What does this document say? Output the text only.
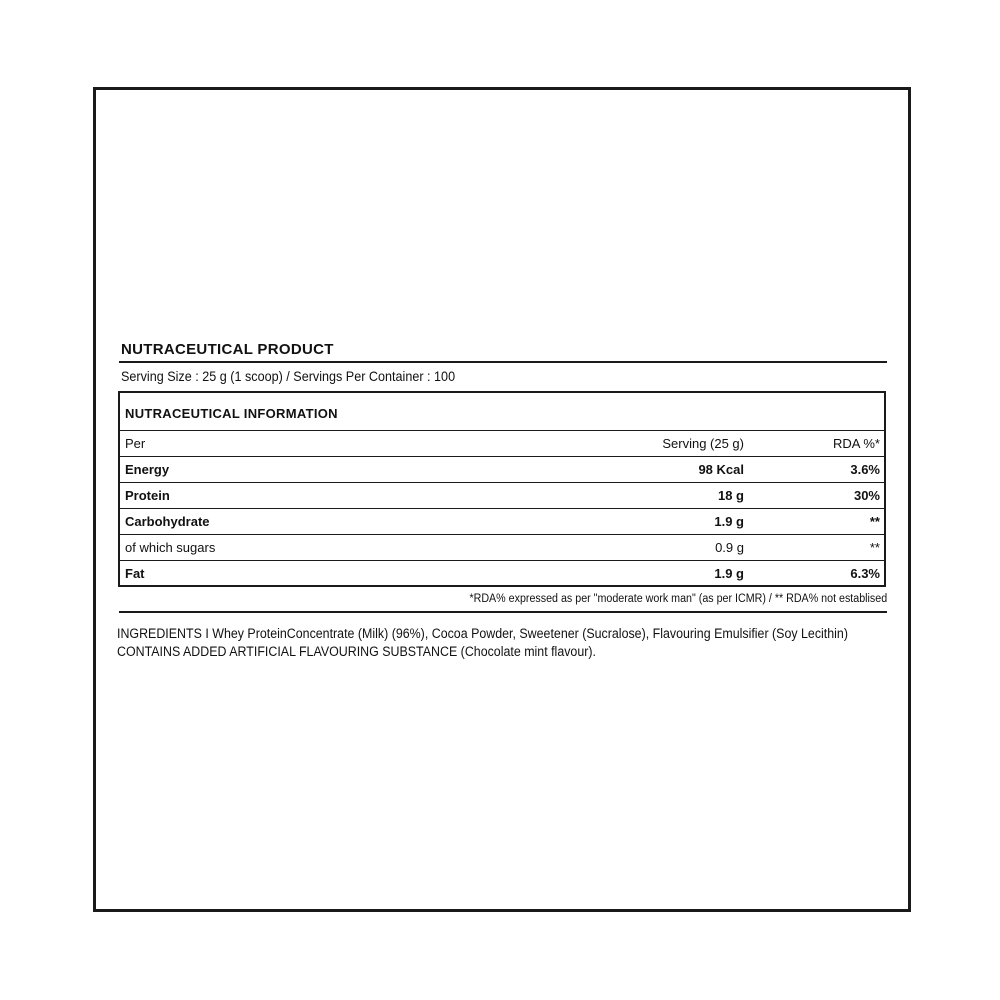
NUTRACEUTICAL PRODUCT
Serving Size : 25 g (1 scoop) / Servings Per Container : 100
NUTRACEUTICAL INFORMATION
Per	Serving (25 g)	RDA %*
Energy	98 Kcal	3.6%
Protein	18 g	30%
Carbohydrate	1.9 g	**
of which sugars	0.9 g	**
Fat	1.9 g	6.3%
*RDA% expressed as per "moderate work man" (as per ICMR) / ** RDA% not establised
INGREDIENTS I Whey ProteinConcentrate (Milk) (96%), Cocoa Powder, Sweetener (Sucralose), Flavouring Emulsifier (Soy Lecithin)
CONTAINS ADDED ARTIFICIAL FLAVOURING SUBSTANCE (Chocolate mint flavour).
